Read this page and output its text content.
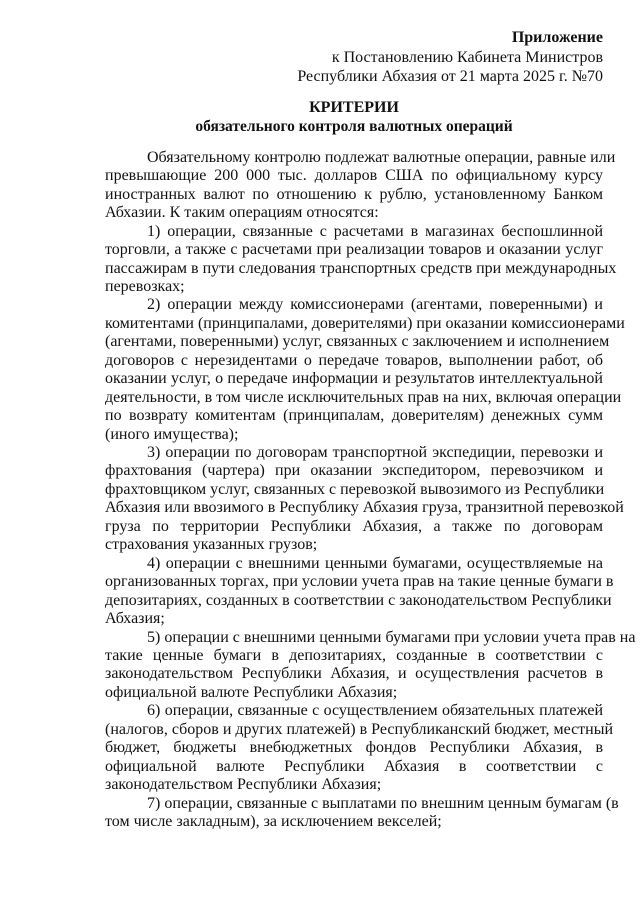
Приложение
к Постановлению Кабинета Министров
Республики Абхазия от 21 марта 2025 г. №70
КРИТЕРИИ
обязательного контроля валютных операций
Обязательному контролю подлежат валютные операции, равные или
превышающие 200 000 тыс. долларов США по официальному курсу
иностранных валют по отношению к рублю, установленному Банком
Абхазии. К таким операциям относятся:
1) операции, связанные с расчетами в магазинах беспошлинной
торговли, а также с расчетами при реализации товаров и оказании услуг
пассажирам в пути следования транспортных средств при международных
перевозках;
2) операции между комиссионерами (агентами, поверенными) и
комитентами (принципалами, доверителями) при оказании комиссионерами
(агентами, поверенными) услуг, связанных с заключением и исполнением
договоров с нерезидентами о передаче товаров, выполнении работ, об
оказании услуг, о передаче информации и результатов интеллектуальной
деятельности, в том числе исключительных прав на них, включая операции
по возврату комитентам (принципалам, доверителям) денежных сумм
(иного имущества);
3) операции по договорам транспортной экспедиции, перевозки и
фрахтования (чартера) при оказании экспедитором, перевозчиком и
фрахтовщиком услуг, связанных с перевозкой вывозимого из Республики
Абхазия или ввозимого в Республику Абхазия груза, транзитной перевозкой
груза по территории Республики Абхазия, а также по договорам
страхования указанных грузов;
4) операции с внешними ценными бумагами, осуществляемые на
организованных торгах, при условии учета прав на такие ценные бумаги в
депозитариях, созданных в соответствии с законодательством Республики
Абхазия;
5) операции с внешними ценными бумагами при условии учета прав на
такие ценные бумаги в депозитариях, созданные в соответствии с
законодательством Республики Абхазия, и осуществления расчетов в
официальной валюте Республики Абхазия;
6) операции, связанные с осуществлением обязательных платежей
(налогов, сборов и других платежей) в Республиканский бюджет, местный
бюджет, бюджеты внебюджетных фондов Республики Абхазия, в
официальной валюте Республики Абхазия в соответствии с
законодательством Республики Абхазия;
7) операции, связанные с выплатами по внешним ценным бумагам (в
том числе закладным), за исключением векселей;
